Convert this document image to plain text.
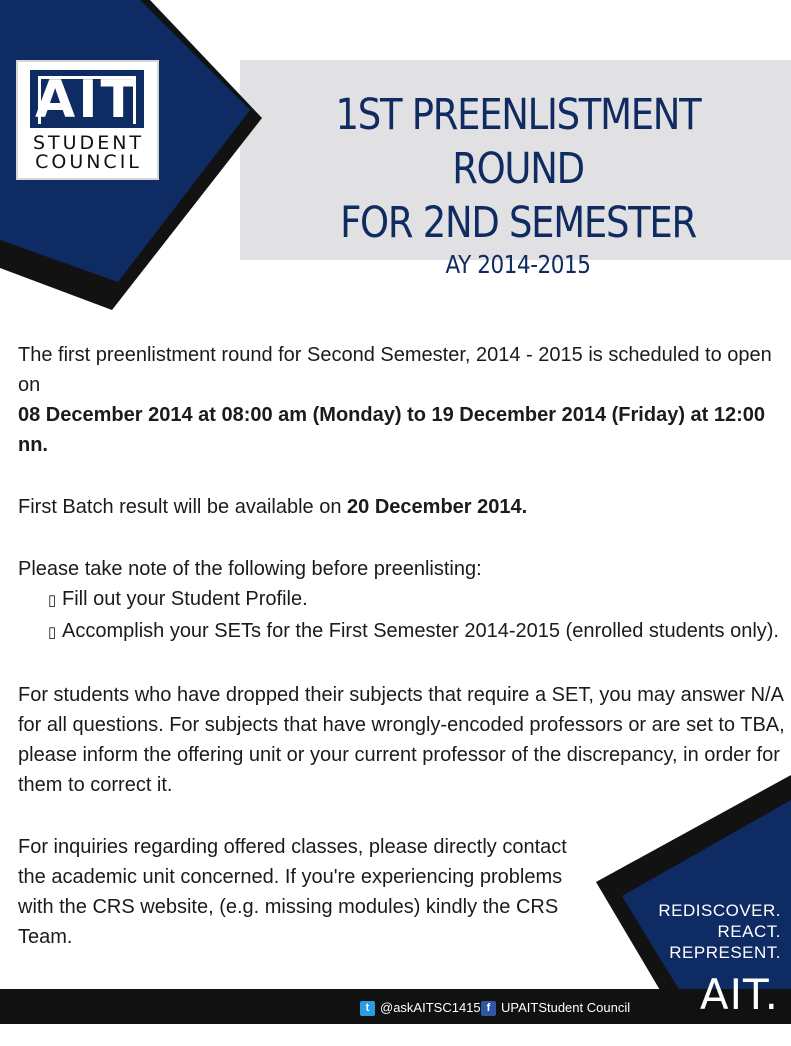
AIT
STUDENT
COUNCIL
1ST PREENLISTMENT ROUND
FOR 2ND SEMESTER
AY 2014-2015

The first preenlistment round for Second Semester, 2014 - 2015 is scheduled to open on
08 December 2014 at 08:00 am (Monday) to 19 December 2014 (Friday) at 12:00 nn.

First Batch result will be available on 20 December 2014.

Please take note of the following before preenlisting:
▯ Fill out your Student Profile.
▯ Accomplish your SETs for the First Semester 2014-2015 (enrolled students only).

For students who have dropped their subjects that require a SET, you may answer N/A for all questions. For subjects that have wrongly-encoded professors or are set to TBA, please inform the offering unit or your current professor of the discrepancy, in order for them to correct it.

For inquiries regarding offered classes, please directly contact the academic unit concerned. If you're experiencing problems with the CRS website, (e.g. missing modules) kindly the CRS Team.

REDISCOVER.
REACT.
REPRESENT.
t @askAITSC1415 f UPAITStudent Council AIT.
